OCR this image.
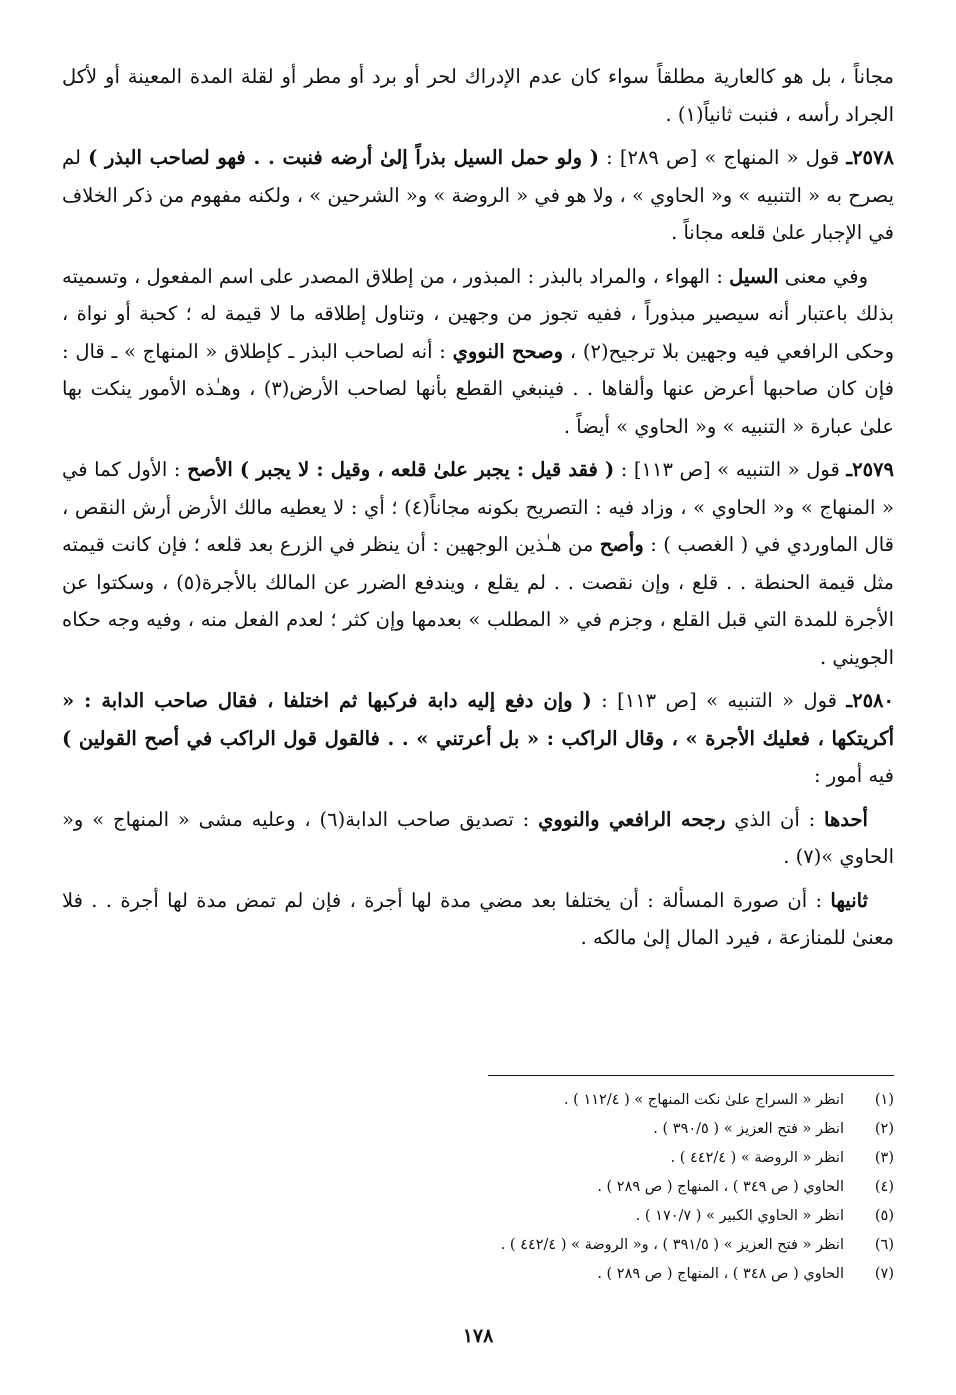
مجاناً ، بل هو كالعارية مطلقاً سواء كان عدم الإدراك لحر أو برد أو مطر أو لقلة المدة المعينة أو لأكل الجراد رأسه ، فنبت ثانياً(١) .

٢٥٧٨ـ قول « المنهاج » [ص ٢٨٩] : ( ولو حمل السيل بذراً إلىٰ أرضه فنبت . . فهو لصاحب البذر ) لم يصرح به « التنبيه » و« الحاوي » ، ولا هو في « الروضة » و« الشرحين » ، ولكنه مفهوم من ذكر الخلاف في الإجبار علىٰ قلعه مجاناً .

وفي معنى السيل : الهواء ، والمراد بالبذر : المبذور ، من إطلاق المصدر على اسم المفعول ، وتسميته بذلك باعتبار أنه سيصير مبذوراً ، ففيه تجوز من وجهين ، وتناول إطلاقه ما لا قيمة له ؛ كحبة أو نواة ، وحكى الرافعي فيه وجهين بلا ترجيح(٢) ، وصحح النووي : أنه لصاحب البذر ـ كإطلاق « المنهاج » ـ قال : فإن كان صاحبها أعرض عنها وألقاها . . فينبغي القطع بأنها لصاحب الأرض(٣) ، وهـٰذه الأمور ينكت بها علىٰ عبارة « التنبيه » و« الحاوي » أيضاً .

٢٥٧٩ـ قول « التنبيه » [ص ١١٣] : ( فقد قيل : يجبر علىٰ قلعه ، وقيل : لا يجبر ) الأصح : الأول كما في « المنهاج » و« الحاوي » ، وزاد فيه : التصريح بكونه مجاناً(٤) ؛ أي : لا يعطيه مالك الأرض أرش النقص ، قال الماوردي في ( الغصب ) : وأصح من هـٰذين الوجهين : أن ينظر في الزرع بعد قلعه ؛ فإن كانت قيمته مثل قيمة الحنطة . . قلع ، وإن نقصت . . لم يقلع ، ويندفع الضرر عن المالك بالأجرة(٥) ، وسكتوا عن الأجرة للمدة التي قبل القلع ، وجزم في « المطلب » بعدمها وإن كثر ؛ لعدم الفعل منه ، وفيه وجه حكاه الجويني .

٢٥٨٠ـ قول « التنبيه » [ص ١١٣] : ( وإن دفع إليه دابة فركبها ثم اختلفا ، فقال صاحب الدابة : « أكريتكها ، فعليك الأجرة » ، وقال الراكب : « بل أعرتني » . . فالقول قول الراكب في أصح القولين ) فيه أمور :

أحدها : أن الذي رجحه الرافعي والنووي : تصديق صاحب الدابة(٦) ، وعليه مشى « المنهاج » و« الحاوي »(٧) .

ثانيها : أن صورة المسألة : أن يختلفا بعد مضي مدة لها أجرة ، فإن لم تمض مدة لها أجرة . . فلا معنىٰ للمنازعة ، فيرد المال إلىٰ مالكه .

(١)
انظر « السراج علىٰ نكت المنهاج » ( ١١٢/٤ ) .
(٢)
انظر « فتح العزيز » ( ٣٩٠/٥ ) .
(٣)
انظر « الروضة » ( ٤٤٢/٤ ) .
(٤)
الحاوي ( ص ٣٤٩ ) ، المنهاج ( ص ٢٨٩ ) .
(٥)
انظر « الحاوي الكبير » ( ١٧٠/٧ ) .
(٦)
انظر « فتح العزيز » ( ٣٩١/٥ ) ، و« الروضة » ( ٤٤٢/٤ ) .
(٧)
الحاوي ( ص ٣٤٨ ) ، المنهاج ( ص ٢٨٩ ) .
١٧٨
